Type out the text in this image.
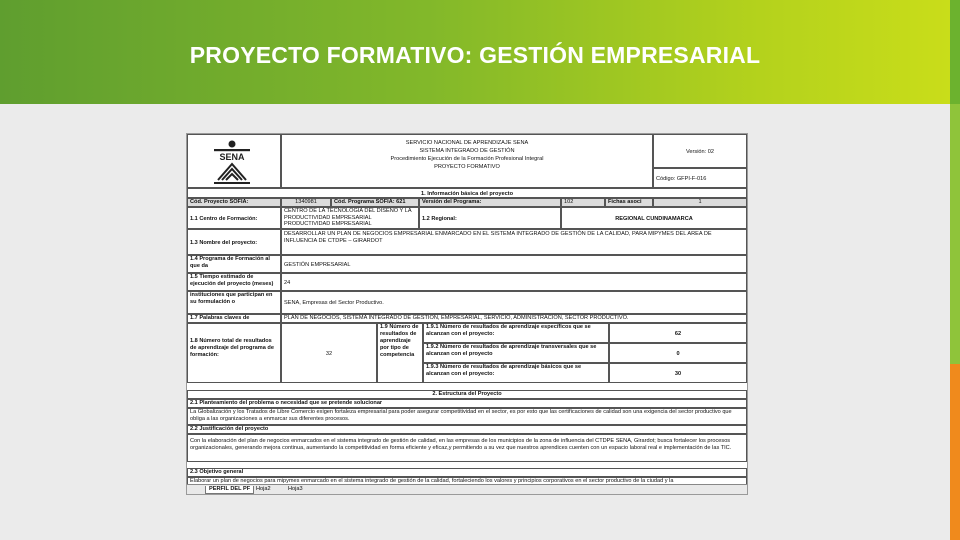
PROYECTO FORMATIVO: GESTIÓN EMPRESARIAL
SENA
SERVICIO NACIONAL DE APRENDIZAJE SENA
SISTEMA INTEGRADO DE GESTIÓN
Procedimiento Ejecución de la Formación Profesional Integral
PROYECTO FORMATIVO
Versión: 02
Código: GFPI-F-016
1. Información básica del proyecto
Cód. Proyecto SOFIA:	1340981	Cód. Programa SOFIA: 621	Versión del Programa:	102	Fichas asoci	1
1.1 Centro de Formación:
CENTRO DE LA TECNOLOGIA DEL DISEÑO Y LA PRODUCTIVIDAD EMPRESARIAL PRODUCTIVIDAD EMPRESARIAL
1.2 Regional:	REGIONAL CUNDINAMARCA
1.3 Nombre del proyecto:
DESARROLLAR UN PLAN DE NEGOCIOS EMPRESARIAL ENMARCADO EN EL SISTEMA INTEGRADO DE GESTIÓN DE LA CALIDAD, PARA MIPYMES DEL AREA DE INFLUENCIA DE CTDPE – GIRARDOT
1.4 Programa de Formación al que da	GESTIÓN EMPRESARIAL
1.5 Tiempo estimado de ejecución del proyecto (meses)	24
instituciones que participan en su formulación o	SENA, Empresas del Sector Productivo.
1.7 Palabras claves de	PLAN DE NEGOCIOS, SISTEMA INTEGRADO DE GESTIÓN, EMPRESARIAL, SERVICIO, ADMINISTRACIÓN, SECTOR PRODUCTIVO.
1.8 Número total de resultados de aprendizaje del programa de formación:	32
1.9 Número de resultados de aprendizaje por tipo de competencia
1.9.1 Número de resultados de aprendizaje específicos que se alcanzan con el proyecto:	62
1.9.2 Número de resultados de aprendizaje transversales que se alcanzan con el proyecto	0
1.9.3 Número de resultados de aprendizaje básicos que se alcanzan con el proyecto:	30
2. Estructura del Proyecto
2.1 Planteamiento del problema o necesidad que se pretende solucionar
La Globalización y los Tratados de Libre Comercio exigen fortaleza empresarial para poder asegurar competitividad en el sector, es por esto que las certificaciones de calidad son una exigencia del sector productivo que obliga a las organizaciones a enmarcar sus diferentes procesos.
2.2 Justificación del proyecto
Con la elaboración del plan de negocios enmarcados en el sistema integrado de gestión de calidad, en las empresas de los municipios de la zona de influencia del CTDPE SENA, Girardot; busca fortalecer los procesos organizacionales, generando mejora continua, aumentando la competitividad en forma eficiente y eficaz,y permitiendo a su vez que nuestros aprendices cuenten con un espacio laboral real e implementación de las TIC.
2.3 Objetivo general
Elaborar un plan de negocios para mipymes enmarcado en el sistema integrado de gestión de la calidad, fortaleciendo los valores y principios corporativos en el sector productivo de la ciudad y la
PERFIL DEL PF	Hoja2	Hoja3
